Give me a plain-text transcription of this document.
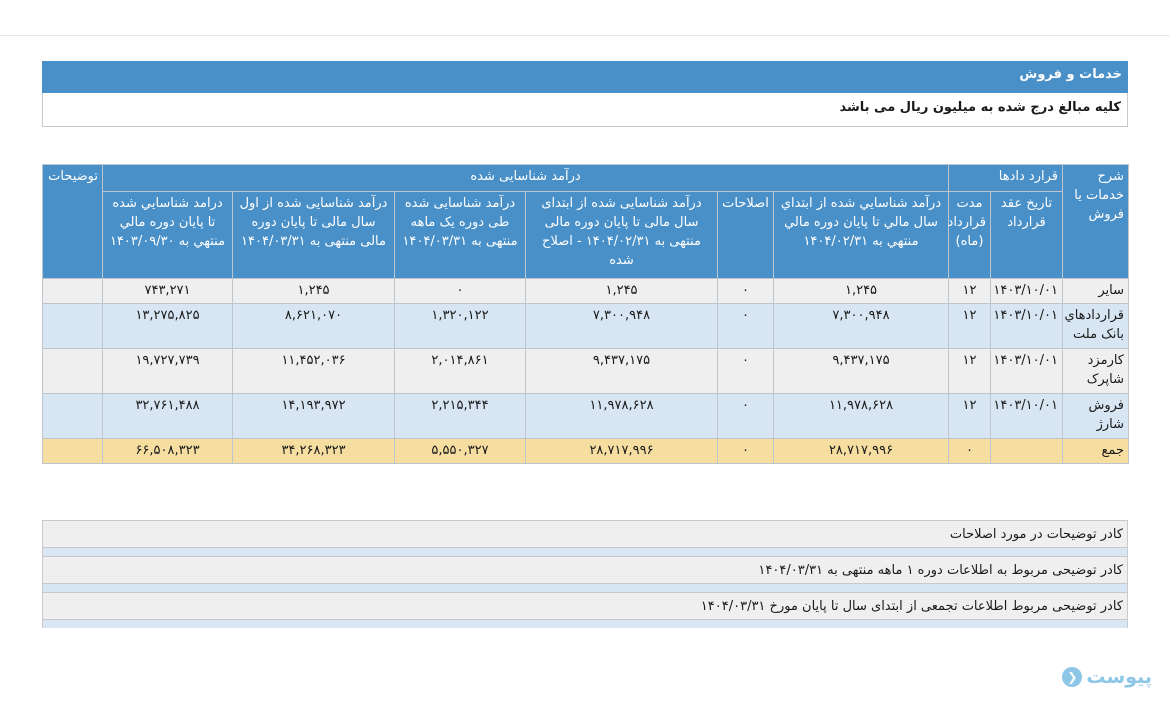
خدمات و فروش
کلیه مبالغ درج شده به میلیون ریال می باشد
شرح خدمات یا فروش	قرارد دادها		درآمد شناسایی شده						توضیحات
	تاریخ عقد قرارداد	مدت قرارداد (ماه)	درآمد شناسايي شده از ابتداي سال مالي تا پايان دوره مالي منتهي به ۱۴۰۴/۰۲/۳۱	اصلاحات	درآمد شناسایی شده از ابتدای سال مالی تا پایان دوره مالی منتهی به ۱۴۰۴/۰۲/۳۱ - اصلاح شده	درآمد شناسایی شده طی دوره یک ماهه منتهی به ۱۴۰۴/۰۳/۳۱	درآمد شناسایی شده از اول سال مالی تا پایان دوره مالی منتهی به ۱۴۰۴/۰۳/۳۱	درامد شناسايي شده تا پايان دوره مالي منتهي به ۱۴۰۳/۰۹/۳۰	
سایر	۱۴۰۳/۱۰/۰۱	۱۲	۱,۲۴۵	۰	۱,۲۴۵	۰	۱,۲۴۵	۷۴۳,۲۷۱	
قراردادهاي بانک ملت	۱۴۰۳/۱۰/۰۱	۱۲	۷,۳۰۰,۹۴۸	۰	۷,۳۰۰,۹۴۸	۱,۳۲۰,۱۲۲	۸,۶۲۱,۰۷۰	۱۳,۲۷۵,۸۲۵	
کارمزد شاپرک	۱۴۰۳/۱۰/۰۱	۱۲	۹,۴۳۷,۱۷۵	۰	۹,۴۳۷,۱۷۵	۲,۰۱۴,۸۶۱	۱۱,۴۵۲,۰۳۶	۱۹,۷۲۷,۷۳۹	
فروش شارژ	۱۴۰۳/۱۰/۰۱	۱۲	۱۱,۹۷۸,۶۲۸	۰	۱۱,۹۷۸,۶۲۸	۲,۲۱۵,۳۴۴	۱۴,۱۹۳,۹۷۲	۳۲,۷۶۱,۴۸۸	
جمع		۰	۲۸,۷۱۷,۹۹۶	۰	۲۸,۷۱۷,۹۹۶	۵,۵۵۰,۳۲۷	۳۴,۲۶۸,۳۲۳	۶۶,۵۰۸,۳۲۳	
کادر توضیحات در مورد اصلاحات
کادر توضیحی مربوط به اطلاعات دوره ۱ ماهه منتهی به ۱۴۰۴/۰۳/۳۱
کادر توضیحی مربوط اطلاعات تجمعی از ابتدای سال تا پایان مورخ ۱۴۰۴/۰۳/۳۱
پیوست
❮
